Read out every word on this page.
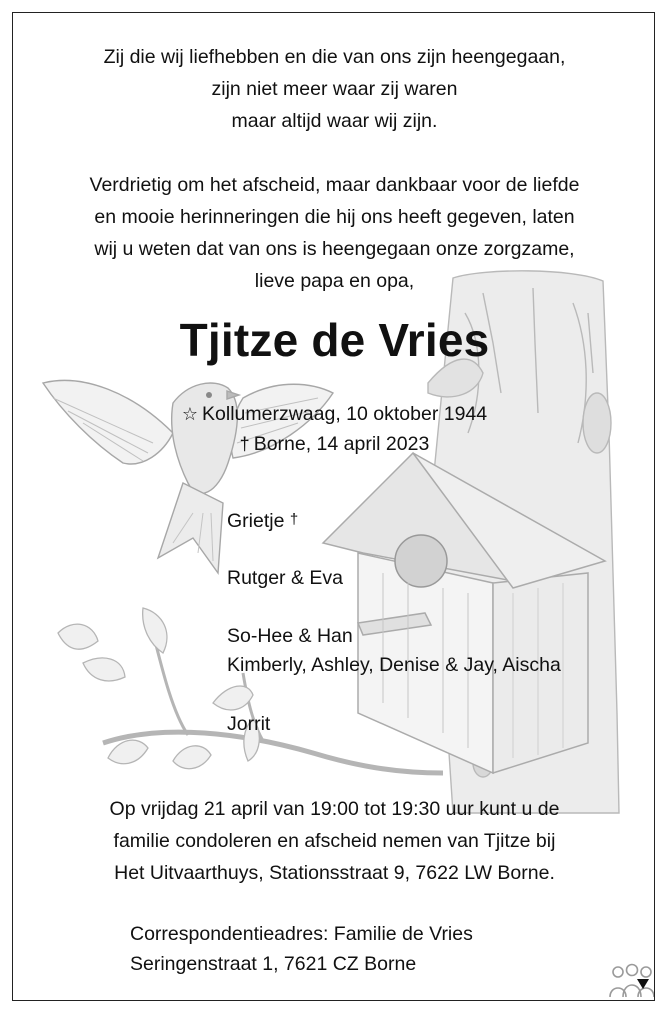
Zij die wij liefhebben en die van ons zijn heengegaan,

zijn niet meer waar zij waren

maar altijd waar wij zijn.

Verdrietig om het afscheid, maar dankbaar voor de liefde

en mooie herinneringen die hij ons heeft gegeven, laten

wij u weten dat van ons is heengegaan onze zorgzame,

lieve papa en opa,

Tjitze de Vries

☆ Kollumerzwaag, 10 oktober 1944

† Borne, 14 april 2023

Grietje †

Rutger & Eva

So-Hee & Han

Kimberly, Ashley, Denise & Jay, Aischa

Jorrit

Op vrijdag 21 april van 19:00 tot 19:30 uur kunt u de

familie condoleren en afscheid nemen van Tjitze bij

Het Uitvaarthuys, Stationsstraat 9, 7622 LW Borne.

Correspondentieadres: Familie de Vries

Seringenstraat 1, 7621 CZ Borne
